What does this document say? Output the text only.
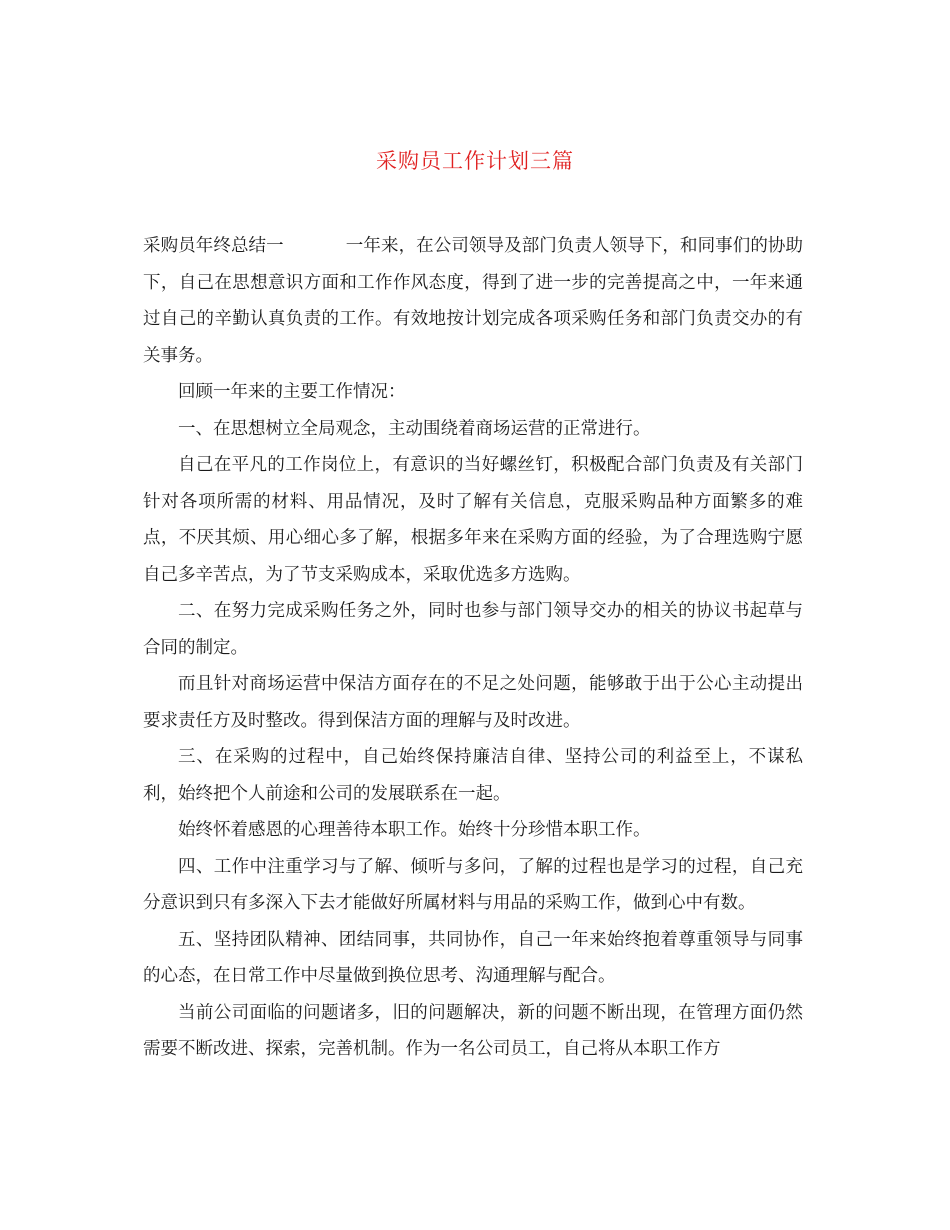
采购员工作计划三篇

采购员年终总结一	一年来，在公司领导及部门负责人领导下，和同事们的协助下，自己在思想意识方面和工作作风态度，得到了进一步的完善提高之中，一年来通过自己的辛勤认真负责的工作。有效地按计划完成各项采购任务和部门负责交办的有关事务。

回顾一年来的主要工作情况：

一、在思想树立全局观念，主动围绕着商场运营的正常进行。

自己在平凡的工作岗位上，有意识的当好螺丝钉，积极配合部门负责及有关部门针对各项所需的材料、用品情况，及时了解有关信息，克服采购品种方面繁多的难点，不厌其烦、用心细心多了解，根据多年来在采购方面的经验，为了合理选购宁愿自己多辛苦点，为了节支采购成本，采取优选多方选购。

二、在努力完成采购任务之外，同时也参与部门领导交办的相关的协议书起草与合同的制定。

而且针对商场运营中保洁方面存在的不足之处问题，能够敢于出于公心主动提出要求责任方及时整改。得到保洁方面的理解与及时改进。

三、在采购的过程中，自己始终保持廉洁自律、坚持公司的利益至上，不谋私利，始终把个人前途和公司的发展联系在一起。

始终怀着感恩的心理善待本职工作。始终十分珍惜本职工作。

四、工作中注重学习与了解、倾听与多问，了解的过程也是学习的过程，自己充分意识到只有多深入下去才能做好所属材料与用品的采购工作，做到心中有数。

五、坚持团队精神、团结同事，共同协作，自己一年来始终抱着尊重领导与同事的心态，在日常工作中尽量做到换位思考、沟通理解与配合。

当前公司面临的问题诸多，旧的问题解决，新的问题不断出现，在管理方面仍然需要不断改进、探索，完善机制。作为一名公司员工，自己将从本职工作方
